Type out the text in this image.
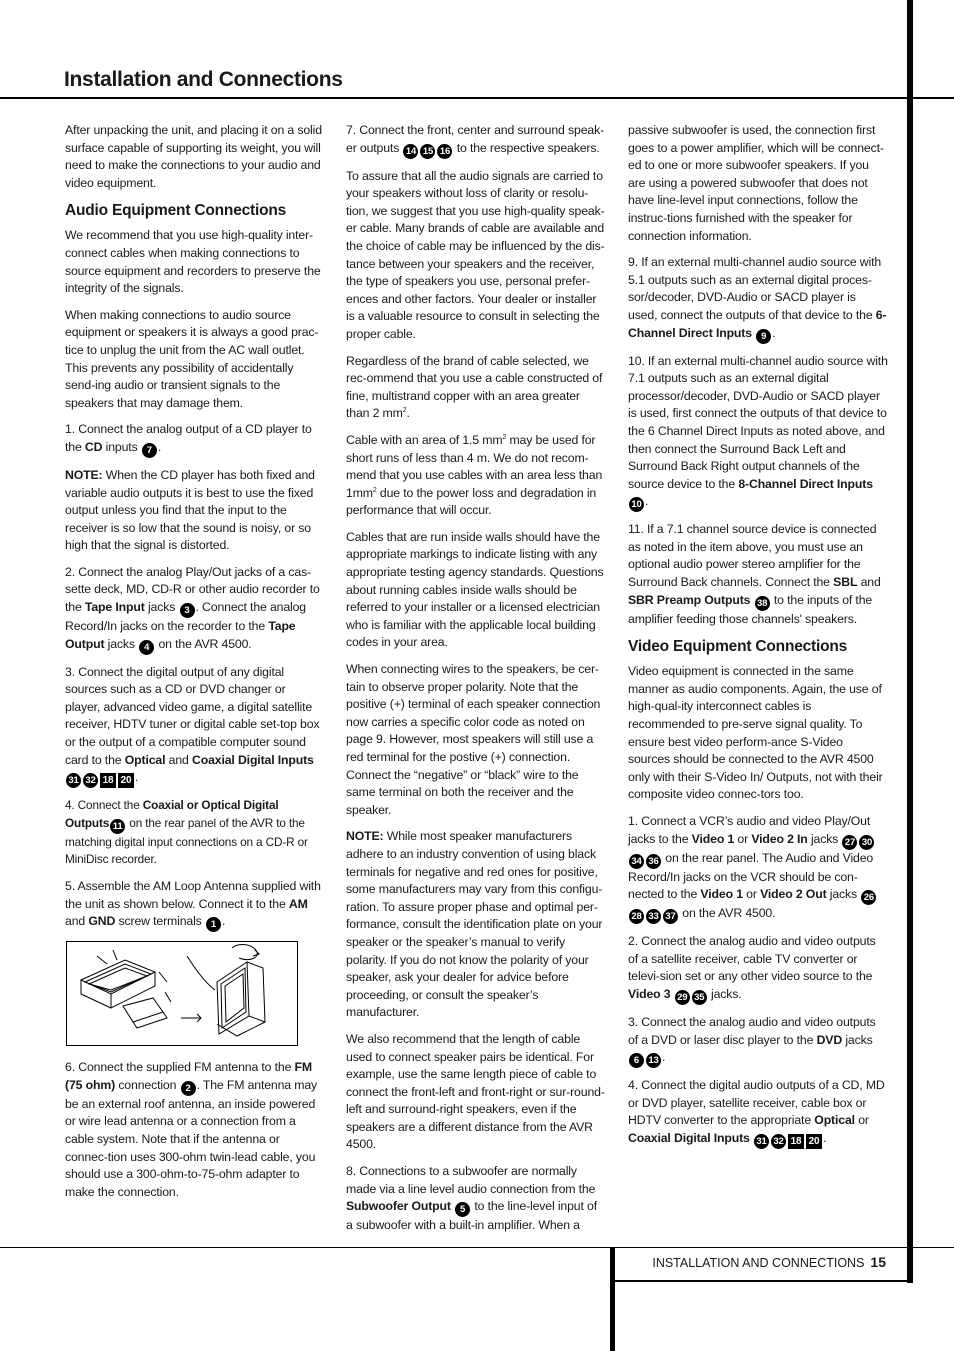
Installation and Connections
INSTALLATION AND CONNECTIONS 15

After unpacking the unit, and placing it on a solid surface capable of supporting its weight, you will need to make the connections to your audio and video equipment.

Audio Equipment Connections

We recommend that you use high-quality inter-connect cables when making connections to source equipment and recorders to preserve the integrity of the signals.

When making connections to audio source equipment or speakers it is always a good prac-tice to unplug the unit from the AC wall outlet. This prevents any possibility of accidentally send-ing audio or transient signals to the speakers that may damage them.

1. Connect the analog output of a CD player to the CD inputs 7 .

NOTE: When the CD player has both fixed and variable audio outputs it is best to use the fixed output unless you find that the input to the receiver is so low that the sound is noisy, or so high that the signal is distorted.

2. Connect the analog Play/Out jacks of a cas-sette deck, MD, CD-R or other audio recorder to the Tape Input jacks 3 . Connect the analog Record/In jacks on the recorder to the Tape Output jacks 4 on the AVR 4500.

3. Connect the digital output of any digital sources such as a CD or DVD changer or player, advanced video game, a digital satellite receiver, HDTV tuner or digital cable set-top box or the output of a compatible computer sound card to the Optical and Coaxial Digital Inputs
31 32 18 20 .

4. Connect the Coaxial or Optical Digital Outputs 11 on the rear panel of the AVR to the matching digital input connections on a CD-R or MiniDisc recorder.

5. Assemble the AM Loop Antenna supplied with the unit as shown below. Connect it to the AM and GND screw terminals 1 .

6. Connect the supplied FM antenna to the FM (75 ohm) connection 2 . The FM antenna may be an external roof antenna, an inside powered or wire lead antenna or a connection from a cable system. Note that if the antenna or connec-tion uses 300-ohm twin-lead cable, you should use a 300-ohm-to-75-ohm adapter to make the connection.

7. Connect the front, center and surround speak-er outputs 14 15 16 to the respective speakers.

To assure that all the audio signals are carried to your speakers without loss of clarity or resolu-tion, we suggest that you use high-quality speak-er cable. Many brands of cable are available and the choice of cable may be influenced by the dis-tance between your speakers and the receiver, the type of speakers you use, personal prefer-ences and other factors. Your dealer or installer is a valuable resource to consult in selecting the proper cable.

Regardless of the brand of cable selected, we rec-ommend that you use a cable constructed of fine, multistrand copper with an area greater than 2 $mm^2$.

Cable with an area of 1.5 $mm^2$ may be used for short runs of less than 4 m. We do not recom-mend that you use cables with an area less than $1mm^2$ due to the power loss and degradation in performance that will occur.

Cables that are run inside walls should have the appropriate markings to indicate listing with any appropriate testing agency standards. Questions about running cables inside walls should be referred to your installer or a licensed electrician who is familiar with the applicable local building codes in your area.

When connecting wires to the speakers, be cer-tain to observe proper polarity. Note that the positive (+) terminal of each speaker connection now carries a specific color code as noted on page 9. However, most speakers will still use a red terminal for the postive (+) connection. Connect the “negative” or “black” wire to the same terminal on both the receiver and the speaker.

NOTE: While most speaker manufacturers adhere to an industry convention of using black terminals for negative and red ones for positive, some manufacturers may vary from this configu-ration. To assure proper phase and optimal per-formance, consult the identification plate on your speaker or the speaker’s manual to verify polarity. If you do not know the polarity of your speaker, ask your dealer for advice before proceeding, or consult the speaker’s manufacturer.

We also recommend that the length of cable used to connect speaker pairs be identical. For example, use the same length piece of cable to connect the front-left and front-right or sur-round-left and surround-right speakers, even if the speakers are a different distance from the AVR 4500.

8. Connections to a subwoofer are normally made via a line level audio connection from the Subwoofer Output 5 to the line-level input of a subwoofer with a built-in amplifier. When a

passive subwoofer is used, the connection first goes to a power amplifier, which will be connect-ed to one or more subwoofer speakers. If you are using a powered subwoofer that does not have line-level input connections, follow the instruc-tions furnished with the speaker for connection information.

9. If an external multi-channel audio source with 5.1 outputs such as an external digital proces-sor/decoder, DVD-Audio or SACD player is used, connect the outputs of that device to the 6-Channel Direct Inputs 9 .

10. If an external multi-channel audio source with 7.1 outputs such as an external digital processor/decoder, DVD-Audio or SACD player is used, first connect the outputs of that device to the 6 Channel Direct Inputs as noted above, and then connect the Surround Back Left and Surround Back Right output channels of the source device to the 8-Channel Direct Inputs 10 .

11. If a 7.1 channel source device is connected as noted in the item above, you must use an optional audio power stereo amplifier for the Surround Back channels. Connect the SBL and SBR Preamp Outputs 38 to the inputs of the amplifier feeding those channels' speakers.

Video Equipment Connections

Video equipment is connected in the same manner as audio components. Again, the use of high-qual-ity interconnect cables is recommended to pre-serve signal quality. To ensure best video perform-ance S-Video sources should be connected to the AVR 4500 only with their S-Video In/ Outputs, not with their composite video connec-tors too.

1. Connect a VCR’s audio and video Play/Out jacks to the Video 1 or Video 2 In jacks 27 3034 36 on the rear panel. The Audio and Video Record/In jacks on the VCR should be con-nected to the Video 1 or Video 2 Out jacks 2628 33 37 on the AVR 4500.

2. Connect the analog audio and video outputs of a satellite receiver, cable TV converter or televi-sion set or any other video source to the Video 3 29 35 jacks.

3. Connect the analog audio and video outputs of a DVD or laser disc player to the DVD jacks 6 13 .

4. Connect the digital audio outputs of a CD, MD or DVD player, satellite receiver, cable box or HDTV converter to the appropriate Optical or Coaxial Digital Inputs 31 32 18 20 .
